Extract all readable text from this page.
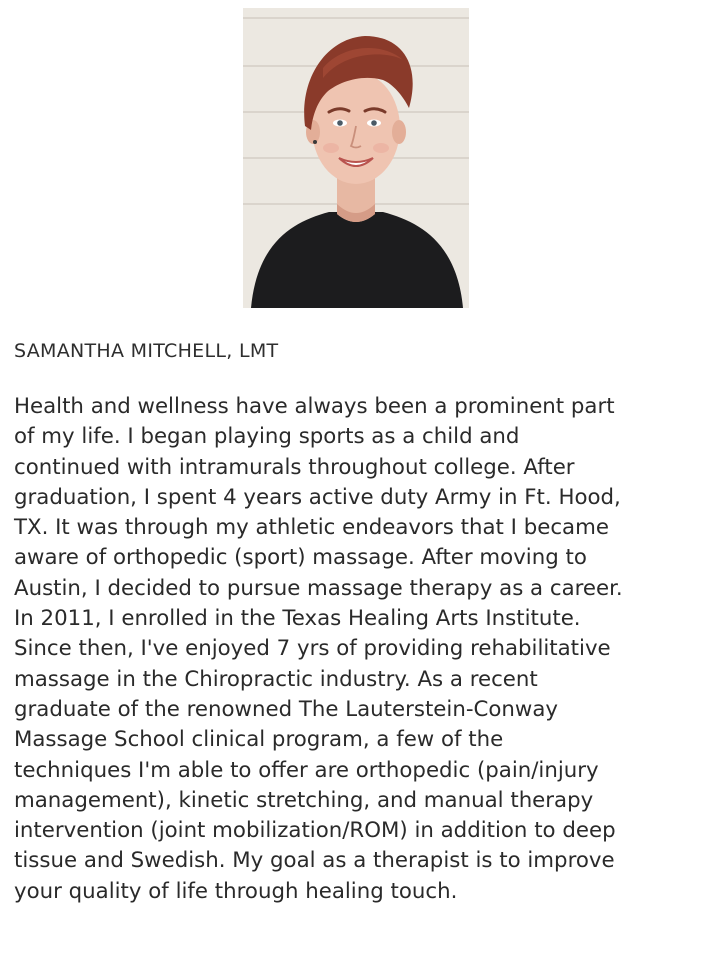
SAMANTHA MITCHELL, LMT

Health and wellness have always been a prominent part
of my life. I began playing sports as a child and
continued with intramurals throughout college. After
graduation, I spent 4 years active duty Army in Ft. Hood,
TX. It was through my athletic endeavors that I became
aware of orthopedic (sport) massage. After moving to
Austin, I decided to pursue massage therapy as a career.
In 2011, I enrolled in the Texas Healing Arts Institute.
Since then, I've enjoyed 7 yrs of providing rehabilitative
massage in the Chiropractic industry. As a recent
graduate of the renowned The Lauterstein-Conway
Massage School clinical program, a few of the
techniques I'm able to offer are orthopedic (pain/injury
management), kinetic stretching, and manual therapy
intervention (joint mobilization/ROM) in addition to deep
tissue and Swedish. My goal as a therapist is to improve
your quality of life through healing touch.
